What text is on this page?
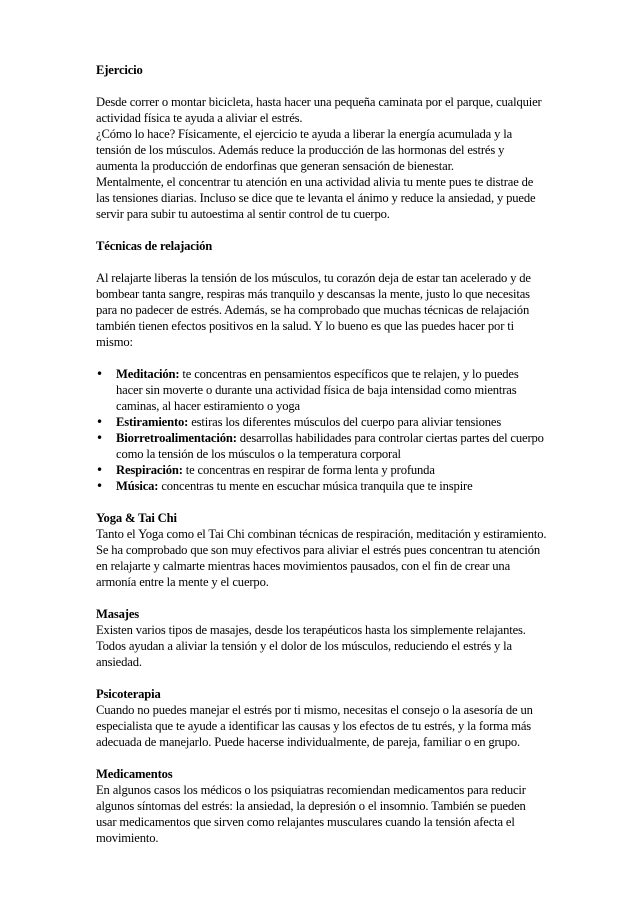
Ejercicio

Desde correr o montar bicicleta, hasta hacer una pequeña caminata por el parque, cualquier actividad física te ayuda a aliviar el estrés.

¿Cómo lo hace? Físicamente, el ejercicio te ayuda a liberar la energía acumulada y la tensión de los músculos. Además reduce la producción de las hormonas del estrés y aumenta la producción de endorfinas que generan sensación de bienestar.

Mentalmente, el concentrar tu atención en una actividad alivia tu mente pues te distrae de las tensiones diarias. Incluso se dice que te levanta el ánimo y reduce la ansiedad, y puede servir para subir tu autoestima al sentir control de tu cuerpo.

Técnicas de relajación

Al relajarte liberas la tensión de los músculos, tu corazón deja de estar tan acelerado y de bombear tanta sangre, respiras más tranquilo y descansas la mente, justo lo que necesitas para no padecer de estrés. Además, se ha comprobado que muchas técnicas de relajación también tienen efectos positivos en la salud. Y lo bueno es que las puedes hacer por ti mismo:

•	Meditación: te concentras en pensamientos específicos que te relajen, y lo puedes hacer sin moverte o durante una actividad física de baja intensidad como mientras caminas, al hacer estiramiento o yoga
•	Estiramiento: estiras los diferentes músculos del cuerpo para aliviar tensiones
•	Biorretroalimentación: desarrollas habilidades para controlar ciertas partes del cuerpo como la tensión de los músculos o la temperatura corporal
•	Respiración: te concentras en respirar de forma lenta y profunda
•	Música: concentras tu mente en escuchar música tranquila que te inspire

Yoga & Tai Chi

Tanto el Yoga como el Tai Chi combinan técnicas de respiración, meditación y estiramiento. Se ha comprobado que son muy efectivos para aliviar el estrés pues concentran tu atención en relajarte y calmarte mientras haces movimientos pausados, con el fin de crear una armonía entre la mente y el cuerpo.

Masajes

Existen varios tipos de masajes, desde los terapéuticos hasta los simplemente relajantes. Todos ayudan a aliviar la tensión y el dolor de los músculos, reduciendo el estrés y la ansiedad.

Psicoterapia

Cuando no puedes manejar el estrés por ti mismo, necesitas el consejo o la asesoría de un especialista que te ayude a identificar las causas y los efectos de tu estrés, y la forma más adecuada de manejarlo. Puede hacerse individualmente, de pareja, familiar o en grupo.

Medicamentos

En algunos casos los médicos o los psiquiatras recomiendan medicamentos para reducir algunos síntomas del estrés: la ansiedad, la depresión o el insomnio. También se pueden usar medicamentos que sirven como relajantes musculares cuando la tensión afecta el movimiento.
